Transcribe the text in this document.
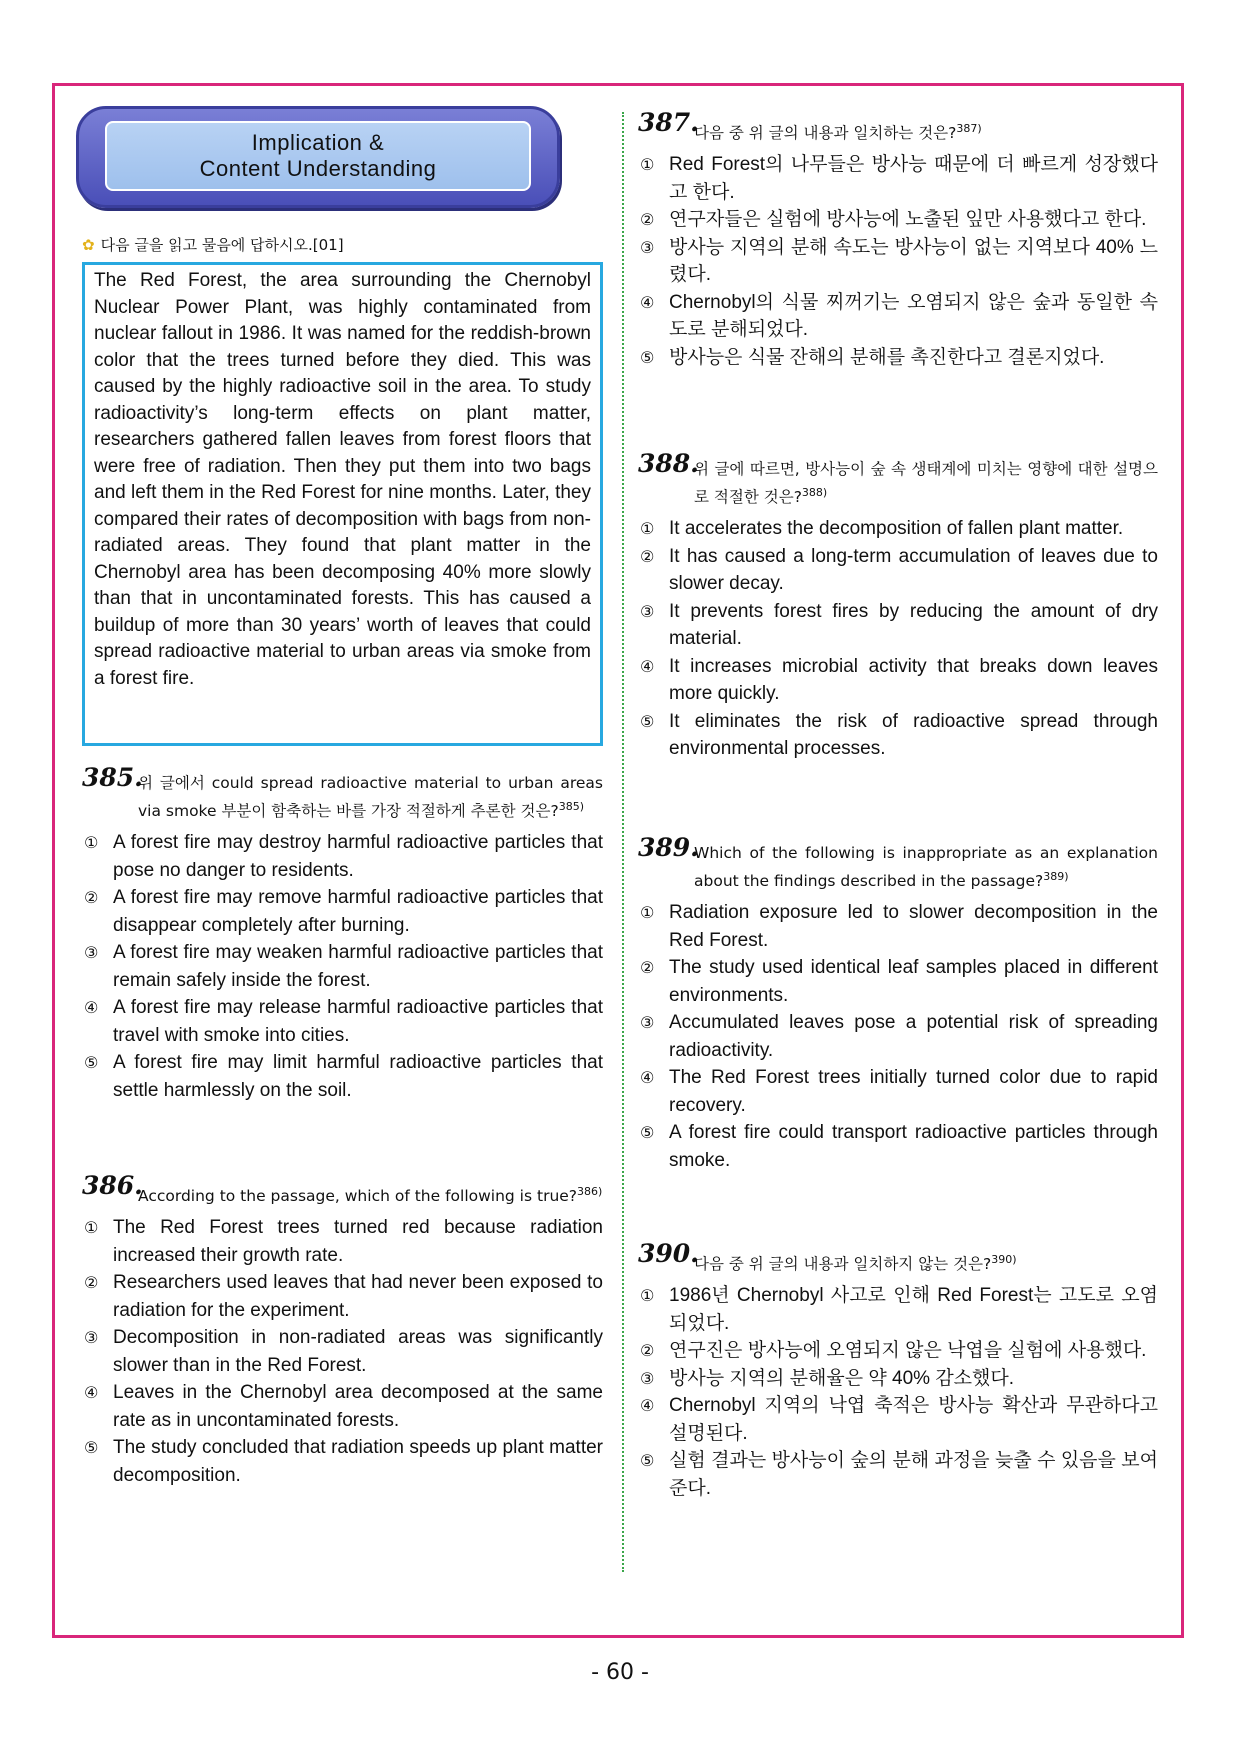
Implication &
Content Understanding
✿ 다음 글을 읽고 물음에 답하시오.[01]
The Red Forest, the area surrounding the Chernobyl Nuclear Power Plant, was highly contaminated from nuclear fallout in 1986. It was named for the reddish-brown color that the trees turned before they died. This was caused by the highly radioactive soil in the area. To study radioactivity’s long-term effects on plant matter, researchers gathered fallen leaves from forest floors that were free of radiation. Then they put them into two bags and left them in the Red Forest for nine months. Later, they compared their rates of decomposition with bags from non-radiated areas. They found that plant matter in the Chernobyl area has been decomposing 40% more slowly than that in uncontaminated forests. This has caused a buildup of more than 30 years’ worth of leaves that could spread radioactive material to urban areas via smoke from a forest fire.
385.
위 글에서 could spread radioactive material to urban areas via smoke 부분이 함축하는 바를 가장 적절하게 추론한 것은?$^{385)}$
① A forest fire may destroy harmful radioactive particles that pose no danger to residents.
② A forest fire may remove harmful radioactive particles that disappear completely after burning.
③ A forest fire may weaken harmful radioactive particles that remain safely inside the forest.
④ A forest fire may release harmful radioactive particles that travel with smoke into cities.
⑤ A forest fire may limit harmful radioactive particles that settle harmlessly on the soil.
386.
According to the passage, which of the following is true?$^{386)}$
① The Red Forest trees turned red because radiation increased their growth rate.
② Researchers used leaves that had never been exposed to radiation for the experiment.
③ Decomposition in non-radiated areas was significantly slower than in the Red Forest.
④ Leaves in the Chernobyl area decomposed at the same rate as in uncontaminated forests.
⑤ The study concluded that radiation speeds up plant matter decomposition.
387.
다음 중 위 글의 내용과 일치하는 것은?$^{387)}$
① Red Forest의 나무들은 방사능 때문에 더 빠르게 성장했다고 한다.
② 연구자들은 실험에 방사능에 노출된 잎만 사용했다고 한다.
③ 방사능 지역의 분해 속도는 방사능이 없는 지역보다 40% 느렸다.
④ Chernobyl의 식물 찌꺼기는 오염되지 않은 숲과 동일한 속도로 분해되었다.
⑤ 방사능은 식물 잔해의 분해를 촉진한다고 결론지었다.
388.
위 글에 따르면, 방사능이 숲 속 생태계에 미치는 영향에 대한 설명으로 적절한 것은?$^{388)}$
① It accelerates the decomposition of fallen plant matter.
② It has caused a long-term accumulation of leaves due to slower decay.
③ It prevents forest fires by reducing the amount of dry material.
④ It increases microbial activity that breaks down leaves more quickly.
⑤ It eliminates the risk of radioactive spread through environmental processes.
389.
Which of the following is inappropriate as an explanation about the findings described in the passage?$^{389)}$
① Radiation exposure led to slower decomposition in the Red Forest.
② The study used identical leaf samples placed in different environments.
③ Accumulated leaves pose a potential risk of spreading radioactivity.
④ The Red Forest trees initially turned color due to rapid recovery.
⑤ A forest fire could transport radioactive particles through smoke.
390.
다음 중 위 글의 내용과 일치하지 않는 것은?$^{390)}$
① 1986년 Chernobyl 사고로 인해 Red Forest는 고도로 오염되었다.
② 연구진은 방사능에 오염되지 않은 낙엽을 실험에 사용했다.
③ 방사능 지역의 분해율은 약 40% 감소했다.
④ Chernobyl 지역의 낙엽 축적은 방사능 확산과 무관하다고 설명된다.
⑤ 실험 결과는 방사능이 숲의 분해 과정을 늦출 수 있음을 보여준다.
- 60 -
